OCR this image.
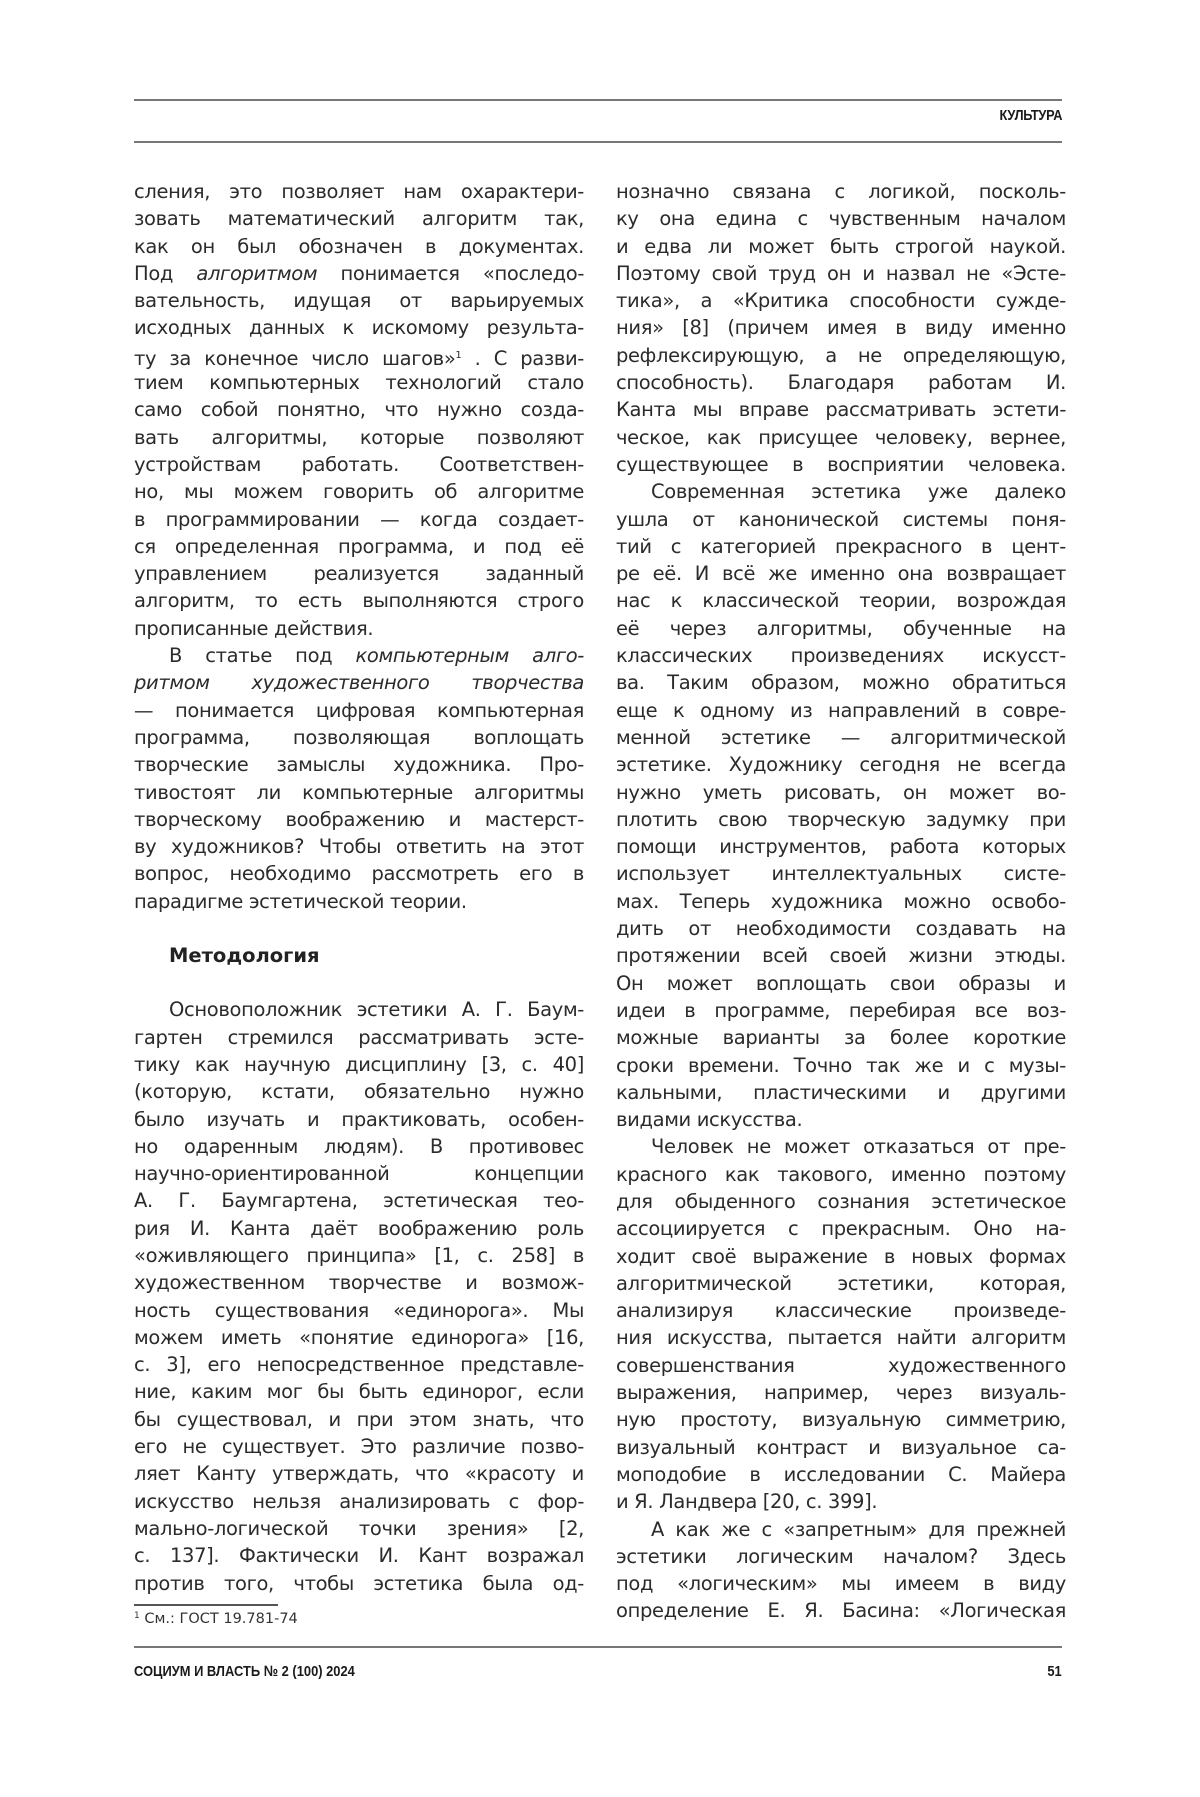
КУЛЬТУРА
сления, это позволяет нам охарактери-
зовать математический алгоритм так,
как он был обозначен в документах.
Под алгоритмом понимается «последо-
вательность, идущая от варьируемых
исходных данных к искомому результа-
ту за конечное число шагов»$^1$ . С разви-
тием компьютерных технологий стало
само собой понятно, что нужно созда-
вать алгоритмы, которые позволяют
устройствам работать. Соответствен-
но, мы можем говорить об алгоритме
в программировании — когда создает-
ся определенная программа, и под её
управлением реализуется заданный
алгоритм, то есть выполняются строго
прописанные действия.
В статье под компьютерным алго-
ритмом художественного творчества
— понимается цифровая компьютерная
программа, позволяющая воплощать
творческие замыслы художника. Про-
тивостоят ли компьютерные алгоритмы
творческому воображению и мастерст-
ву художников? Чтобы ответить на этот
вопрос, необходимо рассмотреть его в
парадигме эстетической теории.
Методология
Основоположник эстетики А. Г. Баум-
гартен стремился рассматривать эсте-
тику как научную дисциплину [3, с. 40]
(которую, кстати, обязательно нужно
было изучать и практиковать, особен-
но одаренным людям). В противовес
научно-ориентированной концепции
А. Г. Баумгартена, эстетическая тео-
рия И. Канта даёт воображению роль
«оживляющего принципа» [1, с. 258] в
художественном творчестве и возмож-
ность существования «единорога». Мы
можем иметь «понятие единорога» [16,
с. 3], его непосредственное представле-
ние, каким мог бы быть единорог, если
бы существовал, и при этом знать, что
его не существует. Это различие позво-
ляет Канту утверждать, что «красоту и
искусство нельзя анализировать с фор-
мально-логической точки зрения» [2,
с. 137]. Фактически И. Кант возражал
против того, чтобы эстетика была од-
нозначно связана с логикой, посколь-
ку она едина с чувственным началом
и едва ли может быть строгой наукой.
Поэтому свой труд он и назвал не «Эсте-
тика», а «Критика способности сужде-
ния» [8] (причем имея в виду именно
рефлексирующую, а не определяющую,
способность). Благодаря работам И.
Канта мы вправе рассматривать эстети-
ческое, как присущее человеку, вернее,
существующее в восприятии человека.
Современная эстетика уже далеко
ушла от канонической системы поня-
тий с категорией прекрасного в цент-
ре её. И всё же именно она возвращает
нас к классической теории, возрождая
её через алгоритмы, обученные на
классических произведениях искусст-
ва. Таким образом, можно обратиться
еще к одному из направлений в совре-
менной эстетике — алгоритмической
эстетике. Художнику сегодня не всегда
нужно уметь рисовать, он может во-
плотить свою творческую задумку при
помощи инструментов, работа которых
использует интеллектуальных систе-
мах. Теперь художника можно освобо-
дить от необходимости создавать на
протяжении всей своей жизни этюды.
Он может воплощать свои образы и
идеи в программе, перебирая все воз-
можные варианты за более короткие
сроки времени. Точно так же и с музы-
кальными, пластическими и другими
видами искусства.
Человек не может отказаться от пре-
красного как такового, именно поэтому
для обыденного сознания эстетическое
ассоциируется с прекрасным. Оно на-
ходит своё выражение в новых формах
алгоритмической эстетики, которая,
анализируя классические произведе-
ния искусства, пытается найти алгоритм
совершенствания художественного
выражения, например, через визуаль-
ную простоту, визуальную симметрию,
визуальный контраст и визуальное са-
моподобие в исследовании С. Майера
и Я. Ландвера [20, с. 399].
А как же с «запретным» для прежней
эстетики логическим началом? Здесь
под «логическим» мы имеем в виду
определение Е. Я. Басина: «Логическая
$^1$ См.: ГОСТ 19.781-74
СОЦИУМ И ВЛАСТЬ № 2 (100) 2024	51
